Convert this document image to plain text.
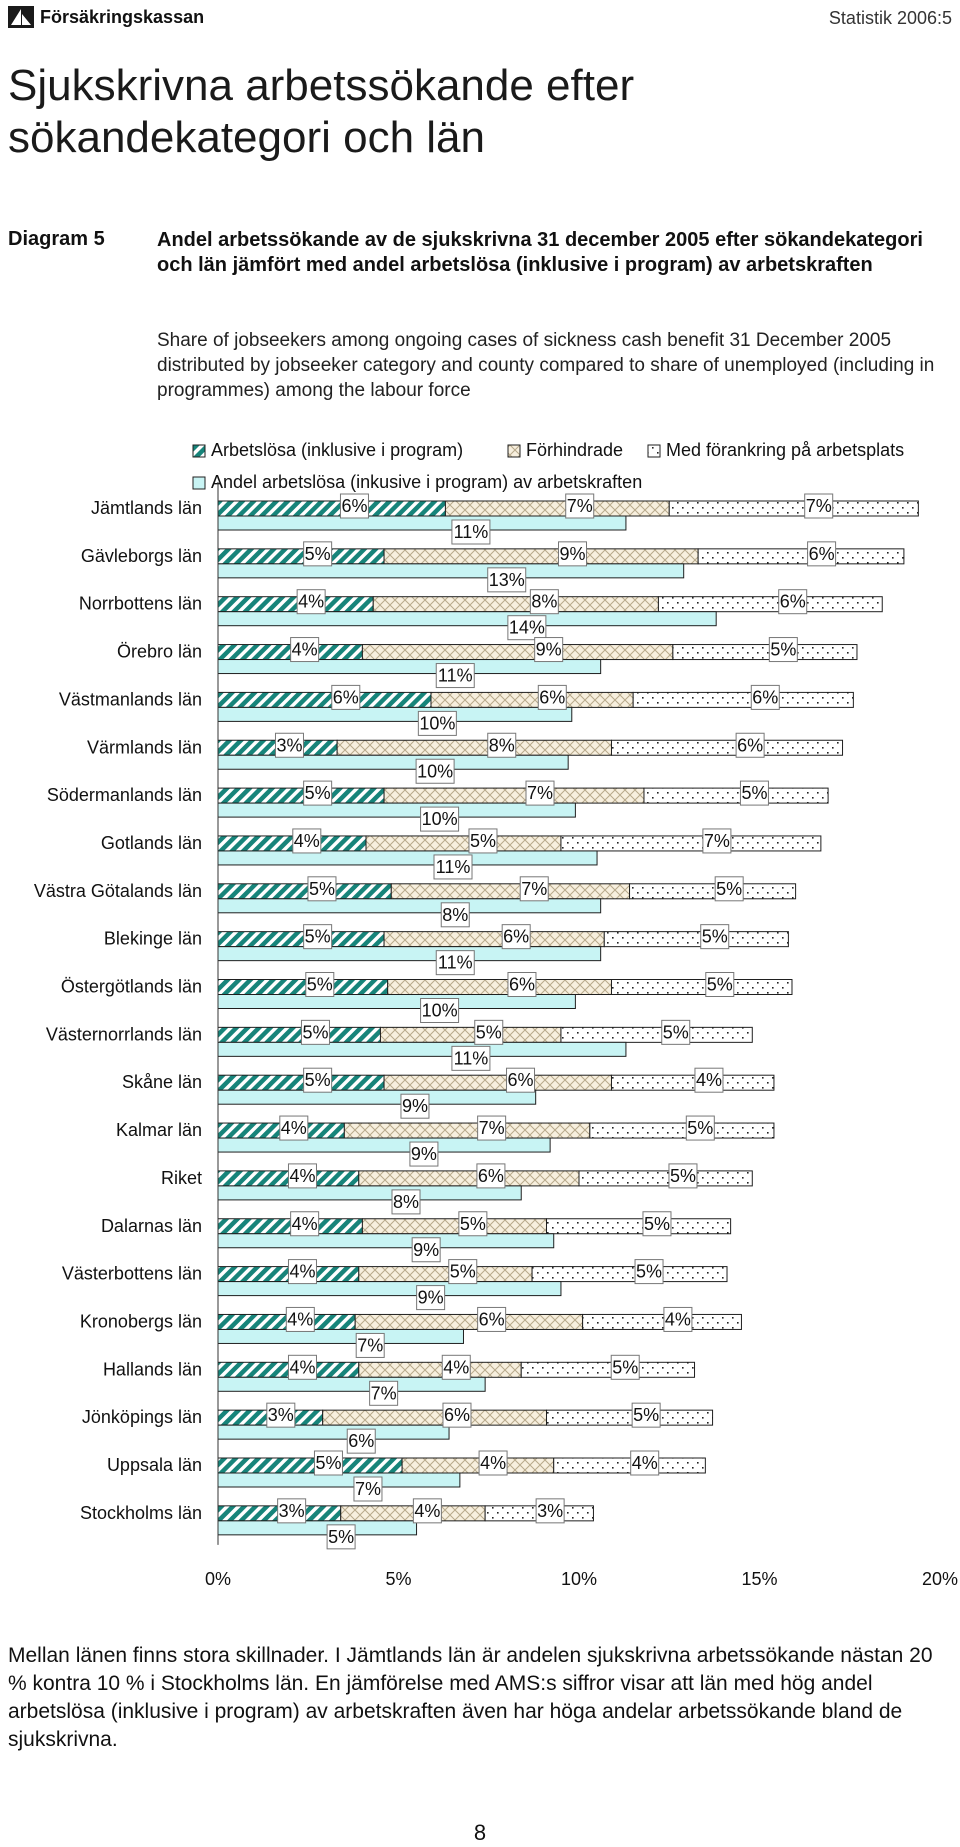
Försäkringskassan	Statistik 2006:5
Sjukskrivna arbetssökande efter sökandekategori och län
Diagram 5	Andel arbetssökande av de sjukskrivna 31 december 2005 efter sökandekategori och län jämfört med andel arbetslösa (inklusive i program) av arbetskraften
Share of jobseekers among ongoing cases of sickness cash benefit 31 December 2005 distributed by jobseeker category and county compared to share of unemployed (including in programmes) among the labour force
Arbetslösa (inklusive i program)	Förhindrade Med förankring på arbetsplats
Andel arbetslösa (inkusive i program) av arbetskraften
Jämtlands län	6%	7%	7%
11%
Gävleborgs län	5%	9%	6%
13%
Norrbottens län	4%	8%	6%
14%
Örebro län	4%	9%	5%
11%
Västmanlands län	6%	6%	6%
10%
Värmlands län	3%	8%	6%
10%
Södermanlands län	5%	7%	5%
10%
Gotlands län	4%	5%	7%
11%
Västra Götalands län	5%	7%	5%
8%
Blekinge län	5%	6%	5%
11%
Östergötlands län	5%	6%	5%
10%
Västernorrlands län	5%	5%	5%
11%
Skåne län	5%	6%	4%
9%
Kalmar län	4%	7%	5%
9%
Riket	4%	6%	5%
8%
Dalarnas län	4%	5%	5%
9%
Västerbottens län	4%	5%	5%
9%
Kronobergs län	4%	6%	4%
7%
Hallands län	4%	4%	5%
7%
Jönköpings län	3%	6%	5%
6%
Uppsala län	5%	4%	4%
7%
Stockholms län	3%	4%	3%
5%
0%	5%	10%	15%	20%
Mellan länen finns stora skillnader. I Jämtlands län är andelen sjukskrivna arbetssökande nästan 20 % kontra 10 % i Stockholms län. En jämförelse med AMS:s siffror visar att län med hög andel arbetslösa (inklusive i program) av arbetskraften även har höga andelar arbetssökande bland de sjukskrivna.
8
